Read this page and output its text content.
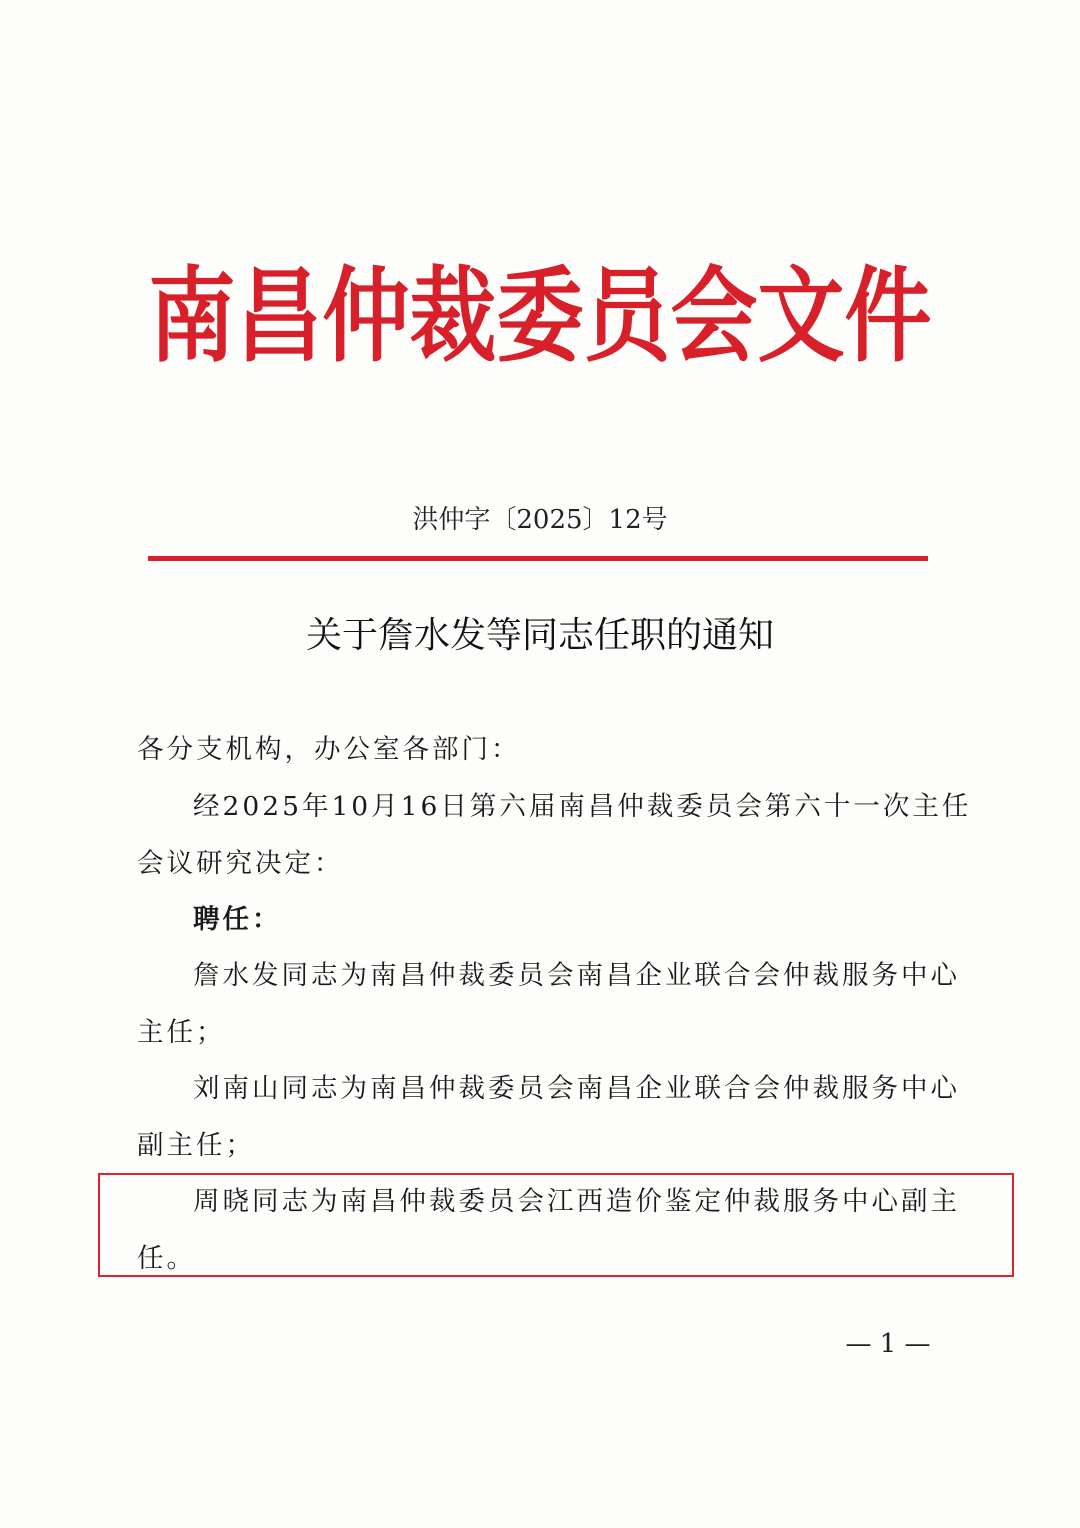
南昌仲裁委员会文件
洪仲字〔2025〕12号
关于詹水发等同志任职的通知
各分支机构，办公室各部门：
经2025年10月16日第六届南昌仲裁委员会第六十一次主任
会议研究决定：
聘任：
詹水发同志为南昌仲裁委员会南昌企业联合会仲裁服务中心
主任；
刘南山同志为南昌仲裁委员会南昌企业联合会仲裁服务中心
副主任；
周晓同志为南昌仲裁委员会江西造价鉴定仲裁服务中心副主
任。
— 1 —
